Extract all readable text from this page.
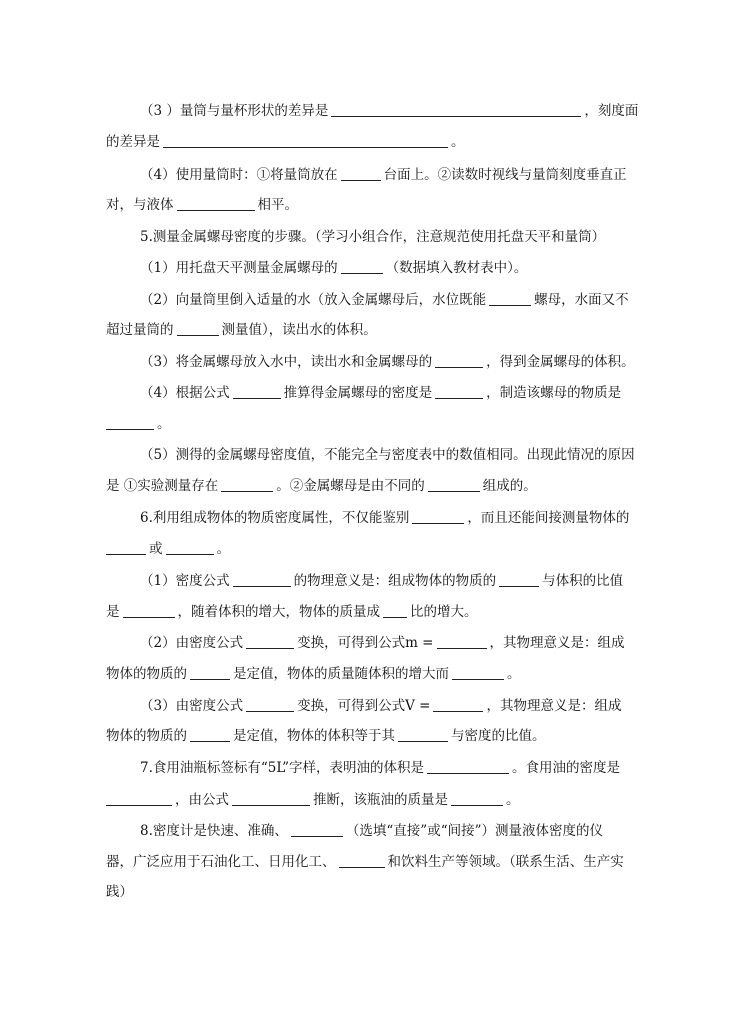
（3 ）量筒与量杯形状的差异是	，刻度面
的差异是	。
（4）使用量筒时：①将量筒放在	台面上。②读数时视线与量筒刻度垂直正
对，与液体	相平。
5.测量金属螺母密度的步骤。（学习小组合作，注意规范使用托盘天平和量筒）
（1）用托盘天平测量金属螺母的	（数据填入教材表中）。
（2）向量筒里倒入适量的水（放入金属螺母后，水位既能	螺母，水面又不
超过量筒的	测量值），读出水的体积。
（3）将金属螺母放入水中，读出水和金属螺母的	，得到金属螺母的体积。
（4）根据公式	推算得金属螺母的密度是	，制造该螺母的物质是
。
（5）测得的金属螺母密度值，不能完全与密度表中的数值相同。出现此情况的原因
是 ①实验测量存在	。②金属螺母是由不同的	组成的。
6.利用组成物体的物质密度属性，不仅能鉴别	，而且还能间接测量物体的
或	。
（1）密度公式	的物理意义是：组成物体的物质的	与体积的比值
是	，随着体积的增大，物体的质量成 比的增大。
（2）由密度公式	变换，可得到公式m =	，其物理意义是：组成
物体的物质的	是定值，物体的质量随体积的增大而	。
（3）由密度公式	变换，可得到公式V =	，其物理意义是：组成
物体的物质的	是定值，物体的体积等于其	与密度的比值。
7.食用油瓶标签标有“5L”字样，表明油的体积是	。食用油的密度是
，由公式	推断，该瓶油的质量是	。
8.密度计是快速、准确、	（选填“直接”或“间接”）测量液体密度的仪
器，广泛应用于石油化工、日用化工、	和饮料生产等领域。（联系生活、生产实
践）
